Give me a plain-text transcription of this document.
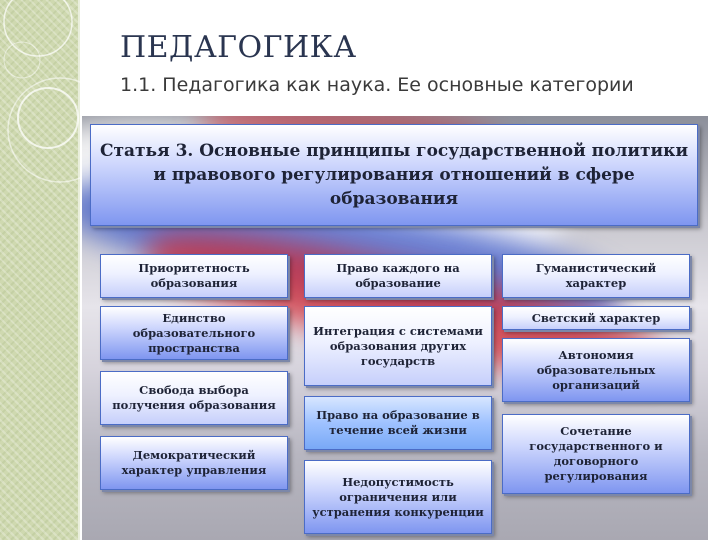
ПЕДАГОГИКА

1.1. Педагогика как наука. Ее основные категории

Статья 3. Основные принципы государственной политики и правового регулирования отношений в сфере образования
Приоритетность образования
Единство образовательного пространства
Свобода выбора получения образования
Демократический характер управления
Право каждого на образование
Интеграция с системами образования других государств
Право на образование в течение всей жизни
Недопустимость ограничения или устранения конкуренции
Гуманистический характер
Светский характер
Автономия образовательных организаций
Сочетание государственного и договорного регулирования
